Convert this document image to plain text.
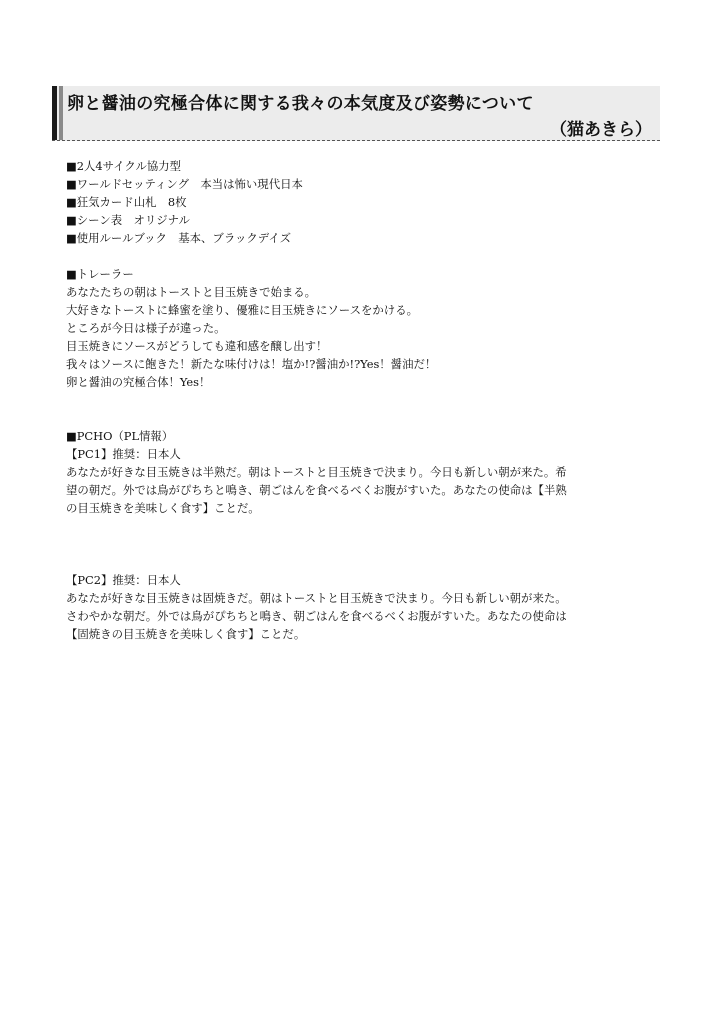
卵と醤油の究極合体に関する我々の本気度及び姿勢について
（猫あきら）
■2人4サイクル協力型
■ワールドセッティング　本当は怖い現代日本
■狂気カード山札　8枚
■シーン表　オリジナル
■使用ルールブック　基本、ブラックデイズ
■トレーラー
あなたたちの朝はトーストと目玉焼きで始まる。
大好きなトーストに蜂蜜を塗り、優雅に目玉焼きにソースをかける。
ところが今日は様子が違った。
目玉焼きにソースがどうしても違和感を醸し出す！
我々はソースに飽きた！新たな味付けは！塩か!?醤油か!?Yes！醤油だ！
卵と醤油の究極合体！Yes！
■PCHO（PL情報）
【PC1】推奨：日本人
あなたが好きな目玉焼きは半熟だ。朝はトーストと目玉焼きで決まり。今日も新しい朝が来た。希
望の朝だ。外では鳥がぴちちと鳴き、朝ごはんを食べるべくお腹がすいた。あなたの使命は【半熟
の目玉焼きを美味しく食す】ことだ。
【PC2】推奨：日本人
あなたが好きな目玉焼きは固焼きだ。朝はトーストと目玉焼きで決まり。今日も新しい朝が来た。
さわやかな朝だ。外では鳥がぴちちと鳴き、朝ごはんを食べるべくお腹がすいた。あなたの使命は
【固焼きの目玉焼きを美味しく食す】ことだ。
